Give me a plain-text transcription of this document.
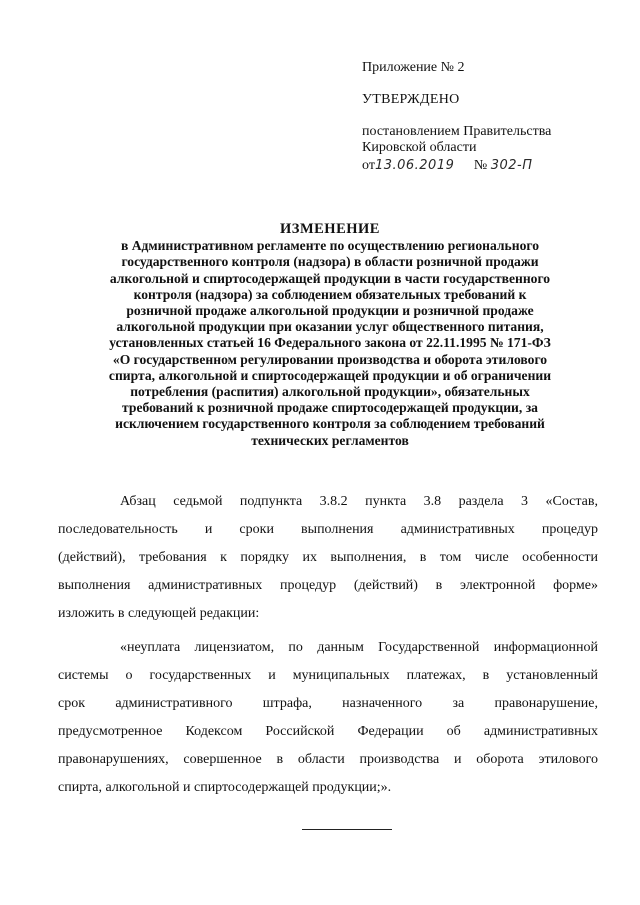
Приложение № 2
УТВЕРЖДЕНО
постановлением Правительства
Кировской области
от13.06.2019 № 302-П
ИЗМЕНЕНИЕ
в Административном регламенте по осуществлению регионального
государственного контроля (надзора) в области розничной продажи
алкогольной и спиртосодержащей продукции в части государственного
контроля (надзора) за соблюдением обязательных требований к
розничной продаже алкогольной продукции и розничной продаже
алкогольной продукции при оказании услуг общественного питания,
установленных статьей 16 Федерального закона от 22.11.1995 № 171-ФЗ
«О государственном регулировании производства и оборота этилового
спирта, алкогольной и спиртосодержащей продукции и об ограничении
потребления (распития) алкогольной продукции», обязательных
требований к розничной продаже спиртосодержащей продукции, за
исключением государственного контроля за соблюдением требований
технических регламентов
Абзац седьмой подпункта 3.8.2 пункта 3.8 раздела 3 «Состав,
последовательность и сроки выполнения административных процедур
(действий), требования к порядку их выполнения, в том числе особенности
выполнения административных процедур (действий) в электронной форме»
изложить в следующей редакции:
«неуплата лицензиатом, по данным Государственной информационной
системы о государственных и муниципальных платежах, в установленный
срок административного штрафа, назначенного за правонарушение,
предусмотренное Кодексом Российской Федерации об административных
правонарушениях, совершенное в области производства и оборота этилового
спирта, алкогольной и спиртосодержащей продукции;».
